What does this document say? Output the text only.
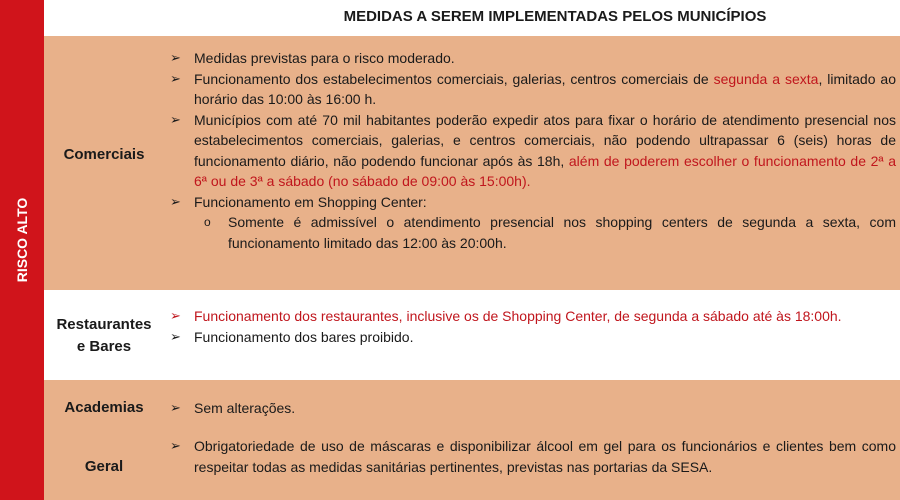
RISCO ALTO
MEDIDAS A SEREM IMPLEMENTADAS PELOS MUNICÍPIOS
Comerciais
➢ Medidas previstas para o risco moderado.
➢ Funcionamento dos estabelecimentos comerciais, galerias, centros comerciais de segunda a sexta, limitado ao horário das 10:00 às 16:00 h.
➢ Municípios com até 70 mil habitantes poderão expedir atos para fixar o horário de atendimento presencial nos estabelecimentos comerciais, galerias, e centros comerciais, não podendo ultrapassar 6 (seis) horas de funcionamento diário, não podendo funcionar após às 18h, além de poderem escolher o funcionamento de 2ª a 6ª ou de 3ª a sábado (no sábado de 09:00 às 15:00h).
➢ Funcionamento em Shopping Center:
o Somente é admissível o atendimento presencial nos shopping centers de segunda a sexta, com funcionamento limitado das 12:00 às 20:00h.
Restaurantes
e Bares
➢ Funcionamento dos restaurantes, inclusive os de Shopping Center, de segunda a sábado até às 18:00h.
➢ Funcionamento dos bares proibido.
Academias	➢ Sem alterações.
Geral
➢ Obrigatoriedade de uso de máscaras e disponibilizar álcool em gel para os funcionários e clientes bem como respeitar todas as medidas sanitárias pertinentes, previstas nas portarias da SESA.
